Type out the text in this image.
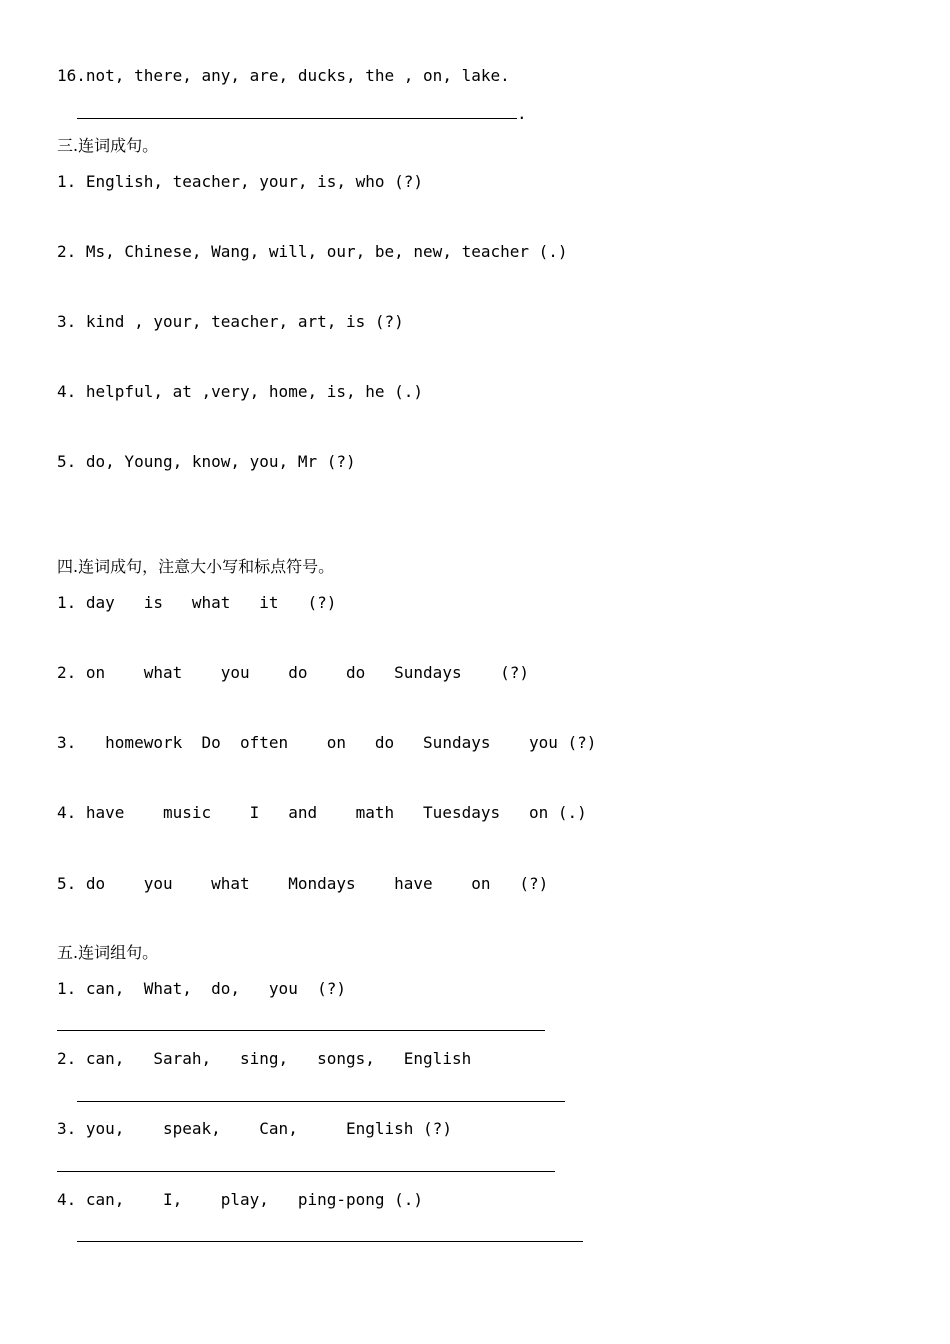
16.not, there, any, are, ducks, the , on, lake.

.

三.连词成句。

1. English, teacher, your, is, who (?)

2. Ms, Chinese, Wang, will, our, be, new, teacher (.)

3. kind , your, teacher, art, is (?)

4. helpful, at ,very, home, is, he (.)

5. do, Young, know, you, Mr (?)

四.连词成句，注意大小写和标点符号。

1. day   is   what   it   (?)

2. on    what    you    do    do   Sundays    (?)

3.   homework  Do  often    on   do   Sundays    you (?)

4. have    music    I   and    math   Tuesdays   on (.)

5. do    you    what    Mondays    have    on   (?)

五.连词组句。

1. can,  What,  do,   you  (?)

2. can,   Sarah,   sing,   songs,   English

3. you,    speak,    Can,     English (?)

4. can,    I,    play,   ping-pong (.)
